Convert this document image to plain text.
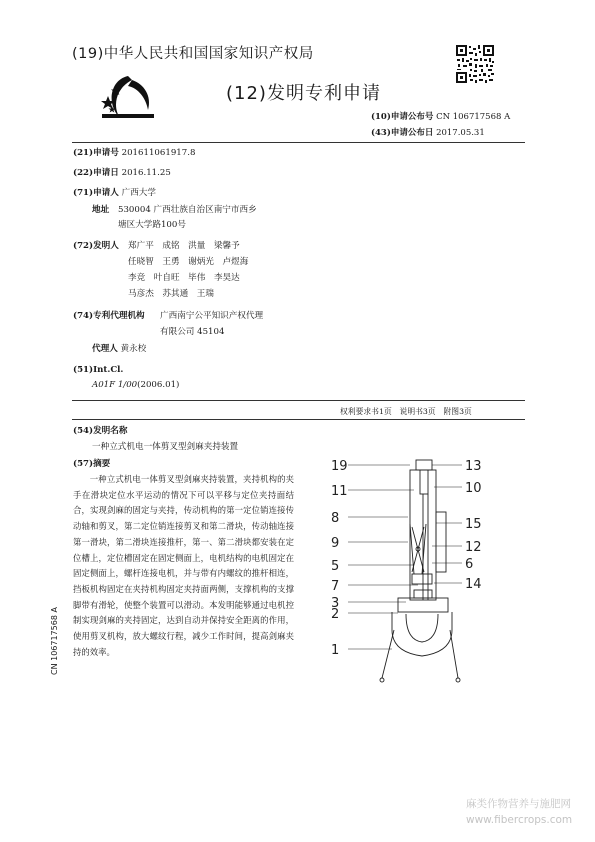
(19)中华人民共和国国家知识产权局
(12)发明专利申请
(10)申请公布号 CN 106717568 A
(43)申请公布日 2017.05.31
(21)申请号 201611061917.8
(22)申请日 2016.11.25
(71)申请人 广西大学
地址 530004 广西壮族自治区南宁市西乡
塘区大学路100号
(72)发明人 郑广平　成铭　洪量　梁馨予
任晓智　王勇　谢炳光　卢煜海
李竞　叶自旺　毕伟　李昊达
马彦杰　苏其通　王瑞
(74)专利代理机构 广西南宁公平知识产权代理
有限公司 45104
代理人 黄永校
(51)Int.Cl.
A01F 1/00(2006.01)
权利要求书1页　说明书3页　附图3页
(54)发明名称
一种立式机电一体剪叉型剑麻夹持装置
(57)摘要
一种立式机电一体剪叉型剑麻夹持装置，夹持机构的夹手在滑块定位水平运动的情况下可以平移与定位夹持面结合，实现剑麻的固定与夹持，传动机构的第一定位销连接传动轴和剪叉，第二定位销连接剪叉和第二滑块，传动轴连接第一滑块，第二滑块连接推杆，第一、第二滑块都安装在定位槽上，定位槽固定在固定侧面上，电机结构的电机固定在固定侧面上，螺杆连接电机，并与带有内螺纹的推杆相连，挡板机构固定在夹持机构固定夹持面两侧，支撑机构的支撑脚带有滑轮，使整个装置可以滑动。本发明能够通过电机控制实现剑麻的夹持固定，达到自动并保持安全距离的作用，使用剪叉机构，放大螺纹行程，减少工作时间，提高剑麻夹持的效率。
19
11
8
9
5
7
3
2
1
13
10
15
12
6
14
CN 106717568 A
麻类作物营养与施肥网
www.fibercrops.com
